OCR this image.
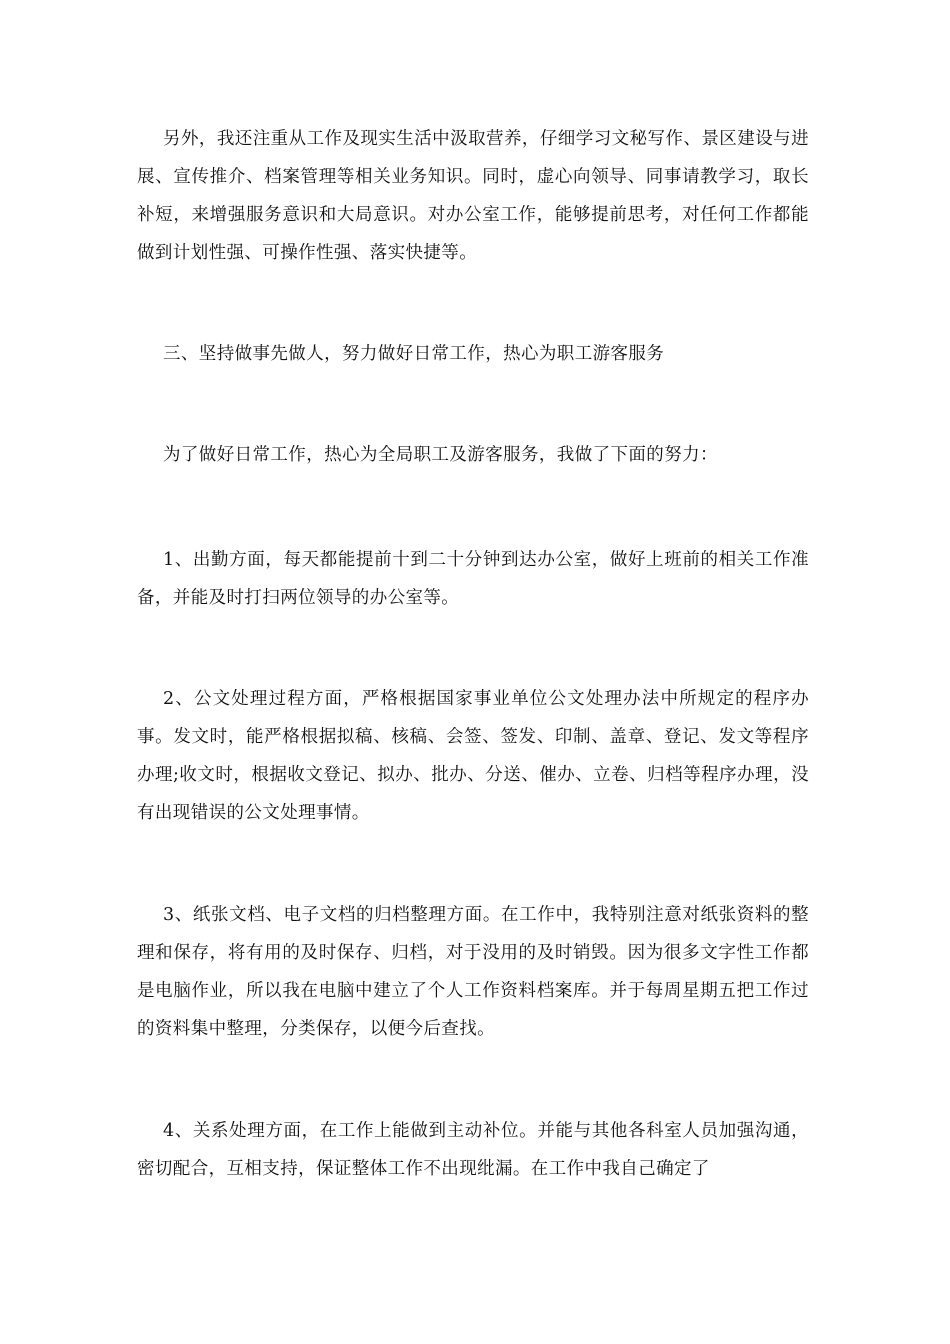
另外，我还注重从工作及现实生活中汲取营养，仔细学习文秘写作、景区建设与进展、宣传推介、档案管理等相关业务知识。同时，虚心向领导、同事请教学习，取长补短，来增强服务意识和大局意识。对办公室工作，能够提前思考，对任何工作都能做到计划性强、可操作性强、落实快捷等。

三、坚持做事先做人，努力做好日常工作，热心为职工游客服务

为了做好日常工作，热心为全局职工及游客服务，我做了下面的努力：

1、出勤方面，每天都能提前十到二十分钟到达办公室，做好上班前的相关工作准备，并能及时打扫两位领导的办公室等。

2、公文处理过程方面，严格根据国家事业单位公文处理办法中所规定的程序办事。发文时，能严格根据拟稿、核稿、会签、签发、印制、盖章、登记、发文等程序办理;收文时，根据收文登记、拟办、批办、分送、催办、立卷、归档等程序办理，没有出现错误的公文处理事情。

3、纸张文档、电子文档的归档整理方面。在工作中，我特别注意对纸张资料的整理和保存，将有用的及时保存、归档，对于没用的及时销毁。因为很多文字性工作都是电脑作业，所以我在电脑中建立了个人工作资料档案库。并于每周星期五把工作过的资料集中整理，分类保存，以便今后查找。

4、关系处理方面，在工作上能做到主动补位。并能与其他各科室人员加强沟通，密切配合，互相支持，保证整体工作不出现纰漏。在工作中我自己确定了
